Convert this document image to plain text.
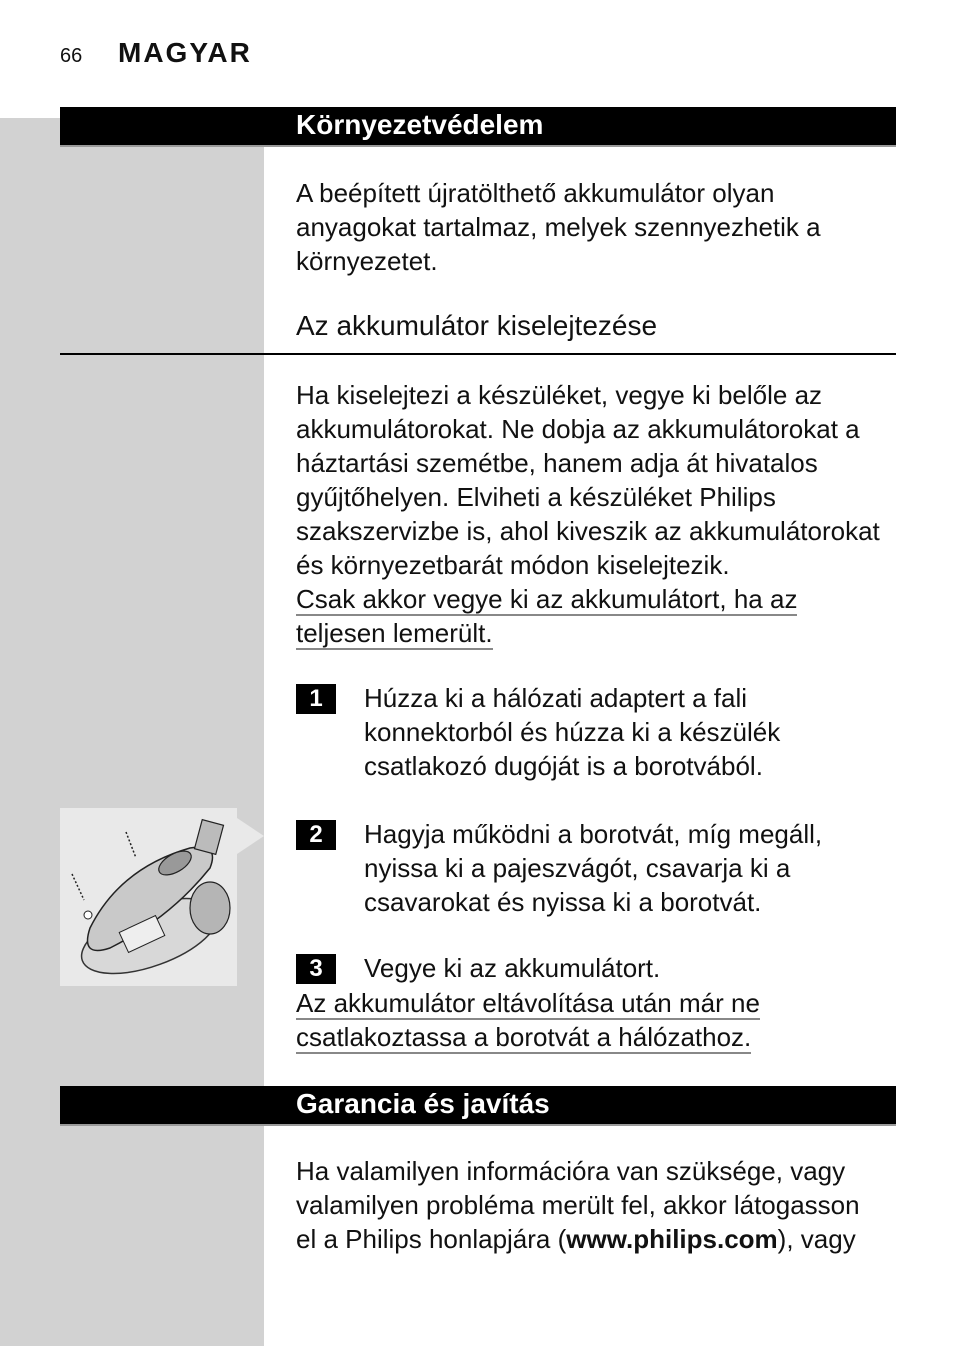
66 MAGYAR
Környezetvédelem
A beépített újratölthető akkumulátor olyan anyagokat tartalmaz, melyek szennyezhetik a környezetet.
Az akkumulátor kiselejtezése

Ha kiselejtezi a készüléket, vegye ki belőle az

akkumulátorokat. Ne dobja az akkumulátorokat a

háztartási szemétbe, hanem adja át hivatalos

gyűjtőhelyen. Elviheti a készüléket Philips

szakszervizbe is, ahol kiveszik az akkumulátorokat

és környezetbarát módon kiselejtezik.

Csak akkor vegye ki az akkumulátort, ha az
teljesen lemerült.
1	Húzza ki a hálózati adaptert a fali
konnektorból és húzza ki a készülék
csatlakozó dugóját is a borotvából.
2	Hagyja működni a borotvát, míg megáll,
nyissa ki a pajeszvágót, csavarja ki a
csavarokat és nyissa ki a borotvát.
3	Vegye ki az akkumulátort.
Az akkumulátor eltávolítása után már ne
csatlakoztassa a borotvát a hálózathoz.
Garancia és javítás

Ha valamilyen információra van szüksége, vagy

valamilyen probléma merült fel, akkor látogasson

el a Philips honlapjára (www.philips.com), vagy
